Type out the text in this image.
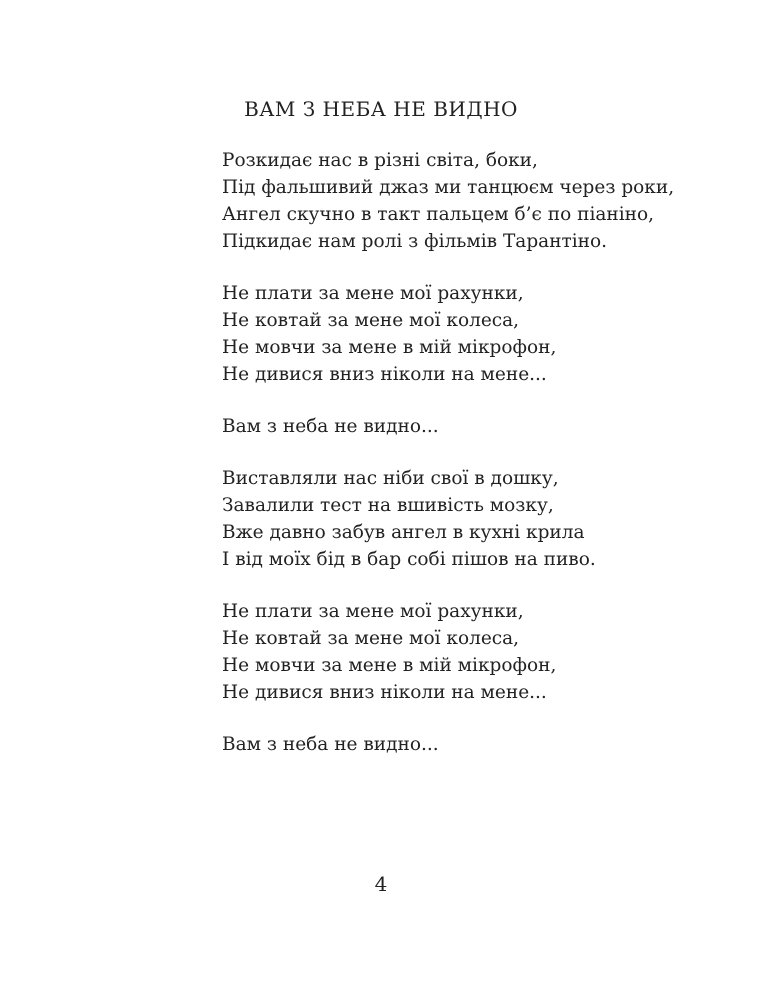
ВАМ З НЕБА НЕ ВИДНО
Розкидає нас в різні світа, боки,
Під фальшивий джаз ми танцюєм через роки,
Ангел скучно в такт пальцем б’є по піаніно,
Підкидає нам ролі з фільмів Тарантіно.
Не плати за мене мої рахунки,
Не ковтай за мене мої колеса,
Не мовчи за мене в мій мікрофон,
Не дивися вниз ніколи на мене...
Вам з неба не видно...
Виставляли нас ніби свої в дошку,
Завалили тест на вшивість мозку,
Вже давно забув ангел в кухні крила
І від моїх бід в бар собі пішов на пиво.
Не плати за мене мої рахунки,
Не ковтай за мене мої колеса,
Не мовчи за мене в мій мікрофон,
Не дивися вниз ніколи на мене...
Вам з неба не видно...
4
